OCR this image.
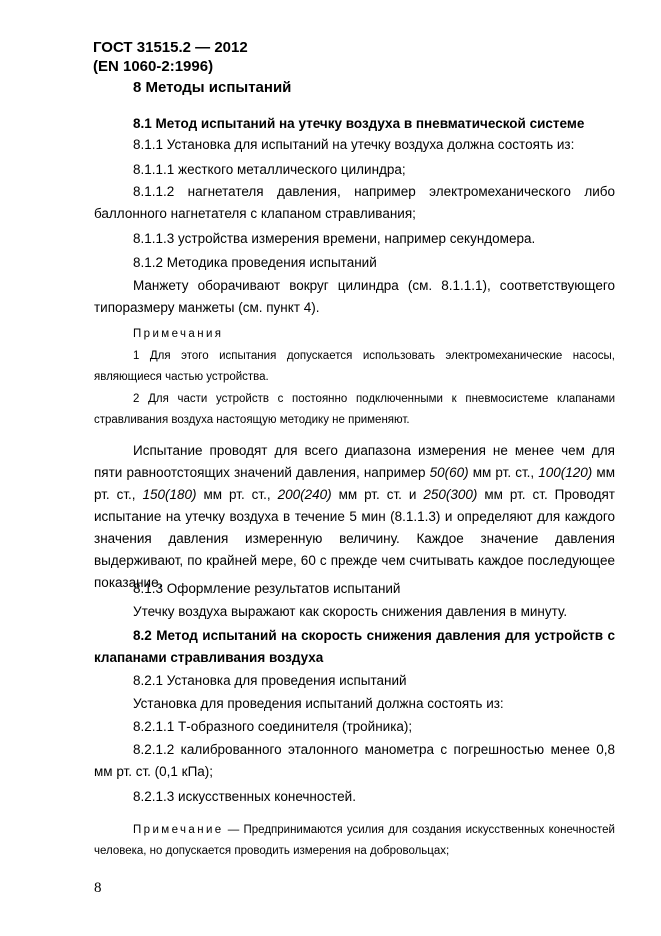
ГОСТ 31515.2 — 2012
(EN 1060-2:1996)
8 Методы испытаний
8.1 Метод испытаний на утечку воздуха в пневматической системе

8.1.1 Установка для испытаний на утечку воздуха должна состоять из:

8.1.1.1 жесткого металлического цилиндра;

8.1.1.2 нагнетателя давления, например электромеханического либо баллонного нагнетателя с клапаном стравливания;

8.1.1.3 устройства измерения времени, например секундомера.

8.1.2 Методика проведения испытаний

Манжету оборачивают вокруг цилиндра (см. 8.1.1.1), соответствующего типоразмеру манжеты (см. пункт 4).

Примечания

1 Для этого испытания допускается использовать электромеханические насосы, являющиеся частью устройства.

2 Для части устройств с постоянно подключенными к пневмосистеме клапанами стравливания воздуха настоящую методику не применяют.

Испытание проводят для всего диапазона измерения не менее чем для пяти равноотстоящих значений давления, например 50(60) мм рт. ст., 100(120) мм рт. ст., 150(180) мм рт. ст., 200(240) мм рт. ст. и 250(300) мм рт. ст. Проводят испытание на утечку воздуха в течение 5 мин (8.1.1.3) и определяют для каждого значения давления измеренную величину. Каждое значение давления выдерживают, по крайней мере, 60 с прежде чем считывать каждое последующее показание.

8.1.3 Оформление результатов испытаний

Утечку воздуха выражают как скорость снижения давления в минуту.

8.2 Метод испытаний на скорость снижения давления для устройств с клапанами стравливания воздуха

8.2.1 Установка для проведения испытаний

Установка для проведения испытаний должна состоять из:

8.2.1.1 Т-образного соединителя (тройника);

8.2.1.2 калиброванного эталонного манометра с погрешностью менее 0,8 мм рт. ст. (0,1 кПа);

8.2.1.3 искусственных конечностей.

Примечание — Предпринимаются усилия для создания искусственных конечностей человека, но допускается проводить измерения на добровольцах;

8
